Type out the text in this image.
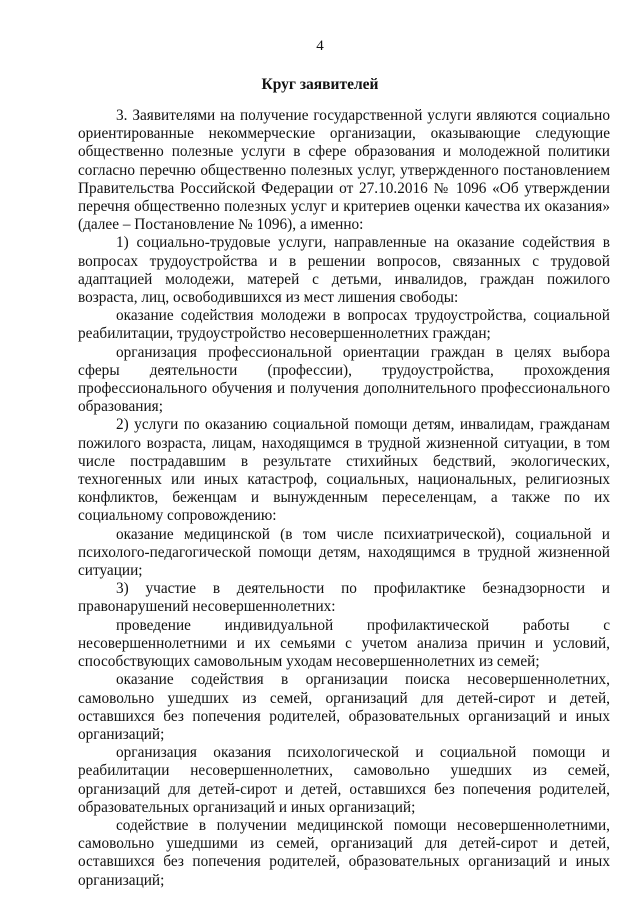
4
Круг заявителей

3. Заявителями на получение государственной услуги являются социально ориентированные некоммерческие организации, оказывающие следующие общественно полезные услуги в сфере образования и молодежной политики согласно перечню общественно полезных услуг, утвержденного постановлением Правительства Российской Федерации от 27.10.2016 № 1096 «Об утверждении перечня общественно полезных услуг и критериев оценки качества их оказания» (далее – Постановление № 1096), а именно:

1) социально-трудовые услуги, направленные на оказание содействия в вопросах трудоустройства и в решении вопросов, связанных с трудовой адаптацией молодежи, матерей с детьми, инвалидов, граждан пожилого возраста, лиц, освободившихся из мест лишения свободы:

оказание содействия молодежи в вопросах трудоустройства, социальной реабилитации, трудоустройство несовершеннолетних граждан;

организация профессиональной ориентации граждан в целях выбора сферы деятельности (профессии), трудоустройства, прохождения профессионального обучения и получения дополнительного профессионального образования;

2) услуги по оказанию социальной помощи детям, инвалидам, гражданам пожилого возраста, лицам, находящимся в трудной жизненной ситуации, в том числе пострадавшим в результате стихийных бедствий, экологических, техногенных или иных катастроф, социальных, национальных, религиозных конфликтов, беженцам и вынужденным переселенцам, а также по их социальному сопровождению:

оказание медицинской (в том числе психиатрической), социальной и психолого-педагогической помощи детям, находящимся в трудной жизненной ситуации;

3) участие в деятельности по профилактике безнадзорности и правонарушений несовершеннолетних:

проведение индивидуальной профилактической работы с несовершеннолетними и их семьями с учетом анализа причин и условий, способствующих самовольным уходам несовершеннолетних из семей;

оказание содействия в организации поиска несовершеннолетних, самовольно ушедших из семей, организаций для детей-сирот и детей, оставшихся без попечения родителей, образовательных организаций и иных организаций;

организация оказания психологической и социальной помощи и реабилитации несовершеннолетних, самовольно ушедших из семей, организаций для детей-сирот и детей, оставшихся без попечения родителей, образовательных организаций и иных организаций;

содействие в получении медицинской помощи несовершеннолетними, самовольно ушедшими из семей, организаций для детей-сирот и детей, оставшихся без попечения родителей, образовательных организаций и иных организаций;
